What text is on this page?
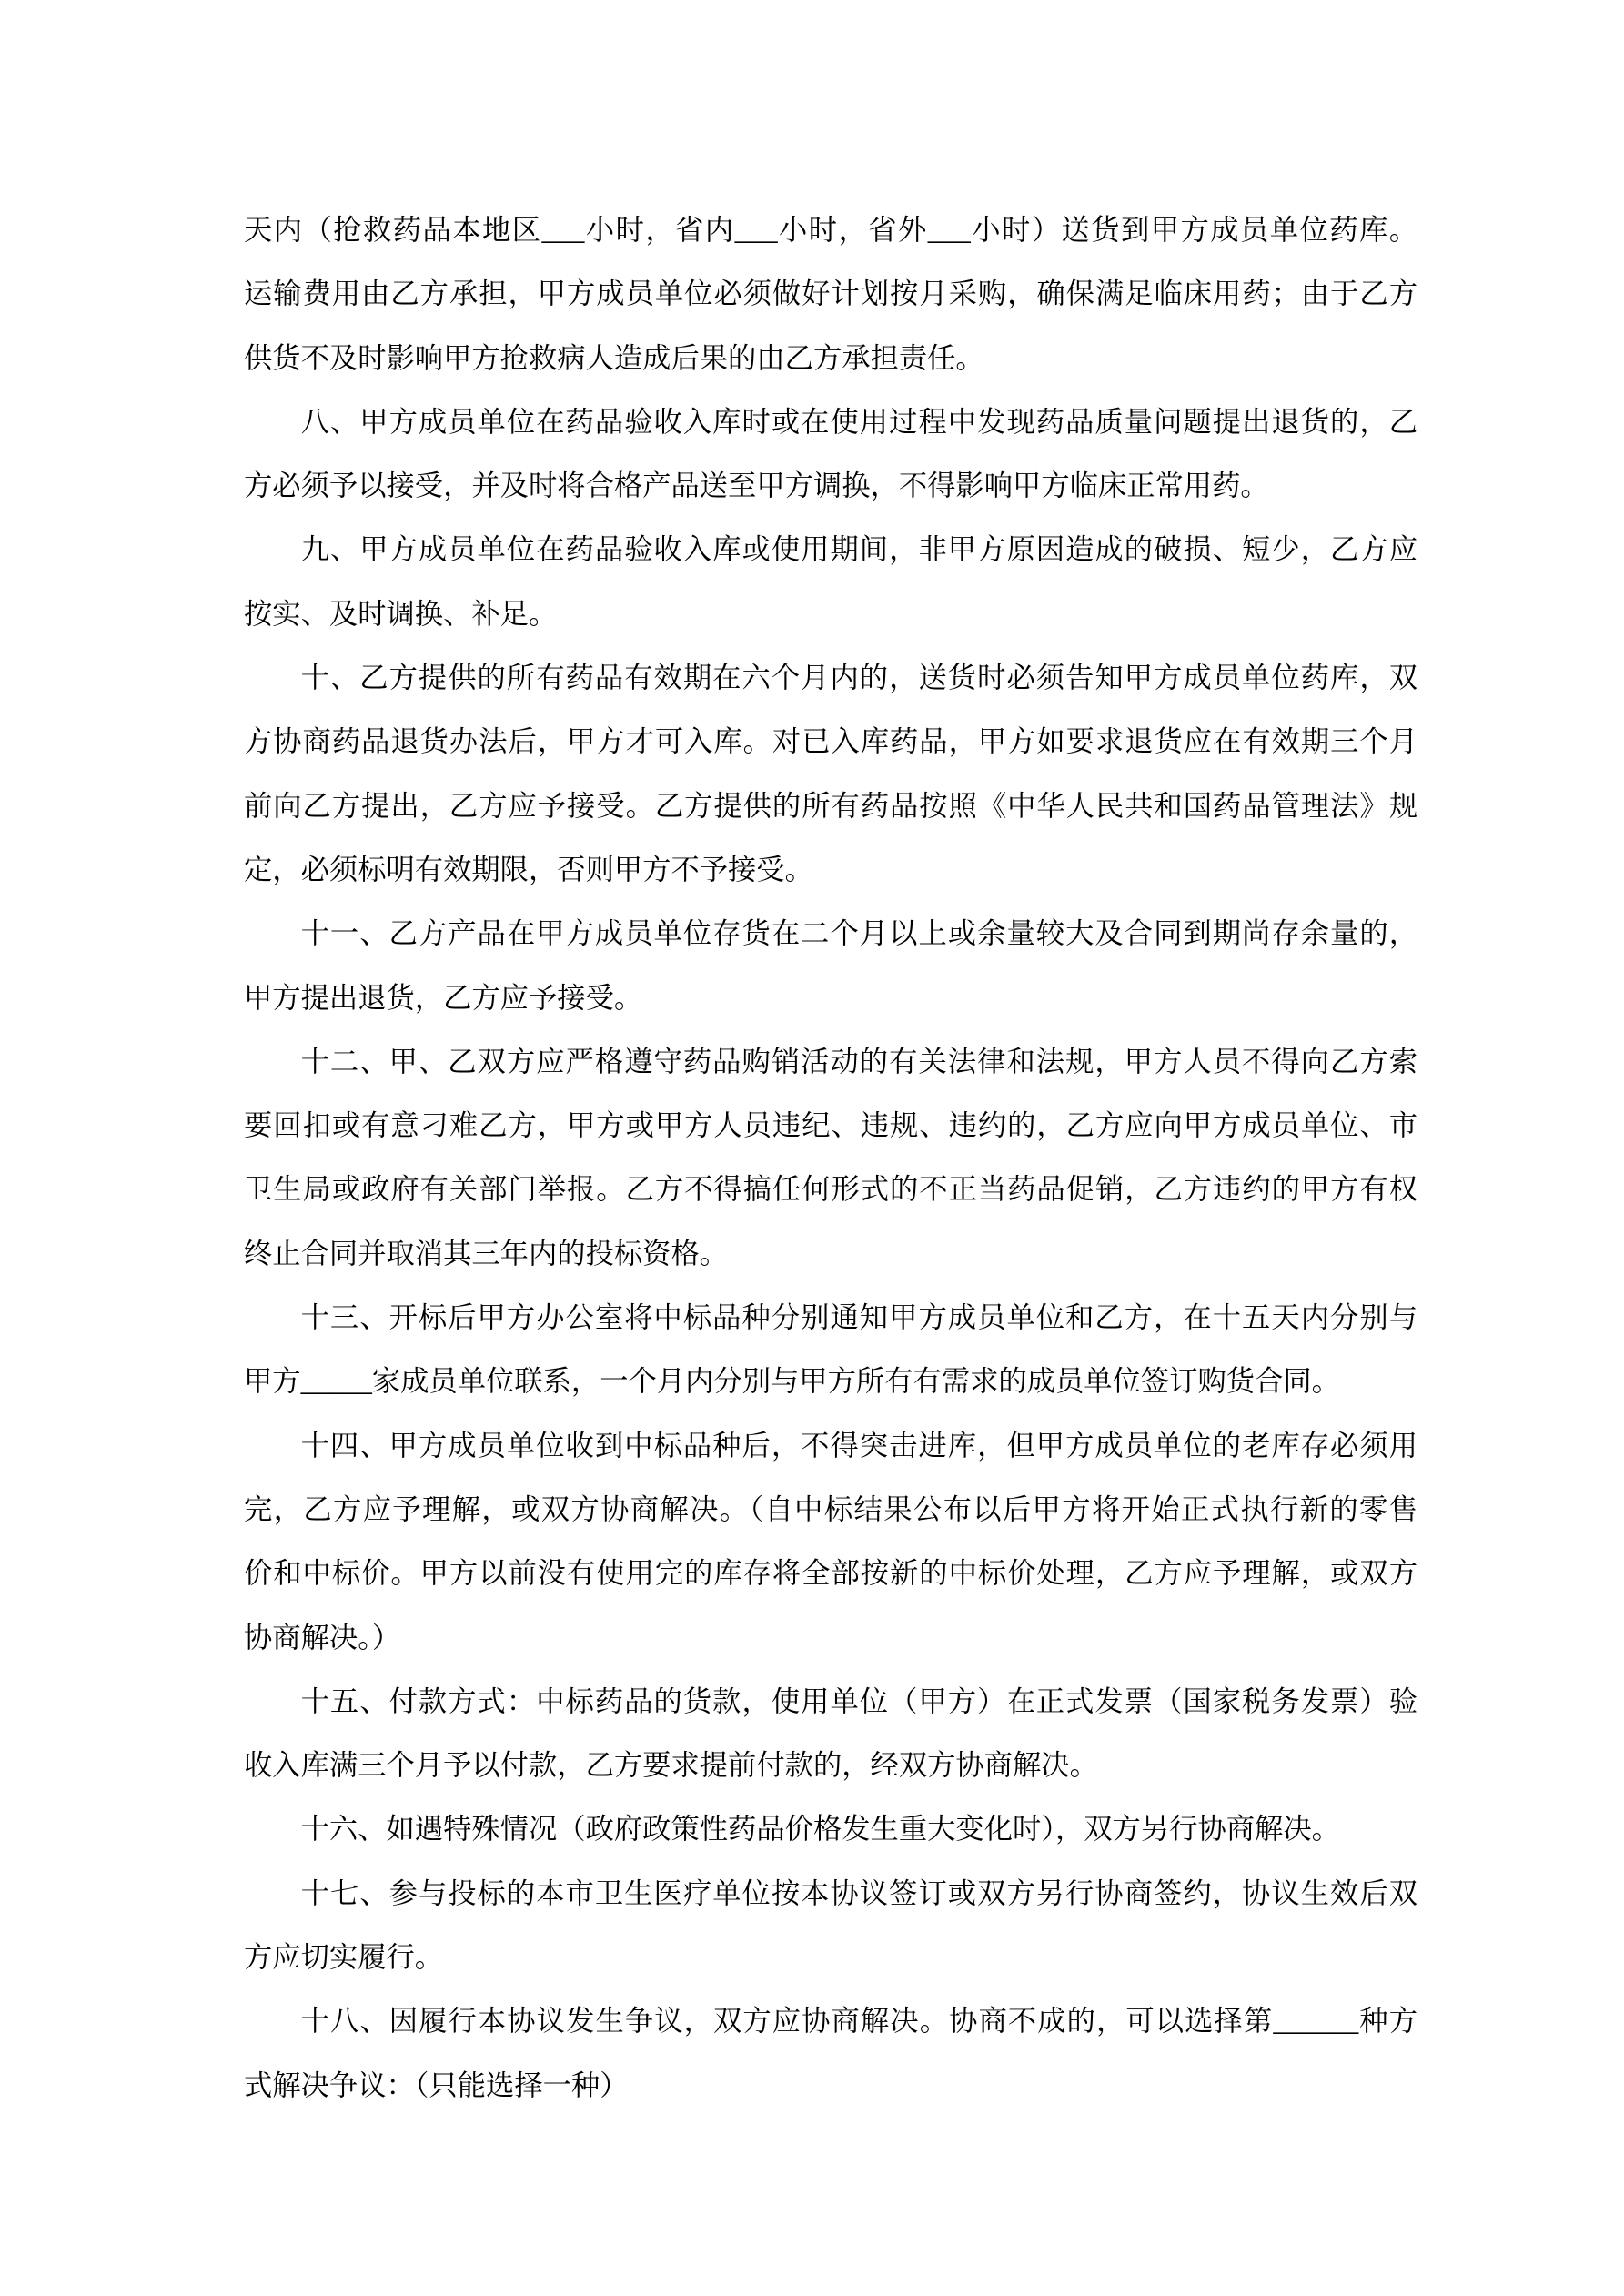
天内（抢救药品本地区___小时，省内___小时，省外___小时）送货到甲方成员单位药库。
运输费用由乙方承担，甲方成员单位必须做好计划按月采购，确保满足临床用药；由于乙方
供货不及时影响甲方抢救病人造成后果的由乙方承担责任。
八、甲方成员单位在药品验收入库时或在使用过程中发现药品质量问题提出退货的，乙
方必须予以接受，并及时将合格产品送至甲方调换，不得影响甲方临床正常用药。
九、甲方成员单位在药品验收入库或使用期间，非甲方原因造成的破损、短少，乙方应
按实、及时调换、补足。
十、乙方提供的所有药品有效期在六个月内的，送货时必须告知甲方成员单位药库，双
方协商药品退货办法后，甲方才可入库。对已入库药品，甲方如要求退货应在有效期三个月
前向乙方提出，乙方应予接受。乙方提供的所有药品按照《中华人民共和国药品管理法》规
定，必须标明有效期限，否则甲方不予接受。
十一、乙方产品在甲方成员单位存货在二个月以上或余量较大及合同到期尚存余量的，
甲方提出退货，乙方应予接受。
十二、甲、乙双方应严格遵守药品购销活动的有关法律和法规，甲方人员不得向乙方索
要回扣或有意刁难乙方，甲方或甲方人员违纪、违规、违约的，乙方应向甲方成员单位、市
卫生局或政府有关部门举报。乙方不得搞任何形式的不正当药品促销，乙方违约的甲方有权
终止合同并取消其三年内的投标资格。
十三、开标后甲方办公室将中标品种分别通知甲方成员单位和乙方，在十五天内分别与
甲方_____家成员单位联系，一个月内分别与甲方所有有需求的成员单位签订购货合同。
十四、甲方成员单位收到中标品种后，不得突击进库，但甲方成员单位的老库存必须用
完，乙方应予理解，或双方协商解决。（自中标结果公布以后甲方将开始正式执行新的零售
价和中标价。甲方以前没有使用完的库存将全部按新的中标价处理，乙方应予理解，或双方
协商解决。）
十五、付款方式：中标药品的货款，使用单位（甲方）在正式发票（国家税务发票）验
收入库满三个月予以付款，乙方要求提前付款的，经双方协商解决。
十六、如遇特殊情况（政府政策性药品价格发生重大变化时），双方另行协商解决。
十七、参与投标的本市卫生医疗单位按本协议签订或双方另行协商签约，协议生效后双
方应切实履行。
十八、因履行本协议发生争议，双方应协商解决。协商不成的，可以选择第______种方
式解决争议：（只能选择一种）
